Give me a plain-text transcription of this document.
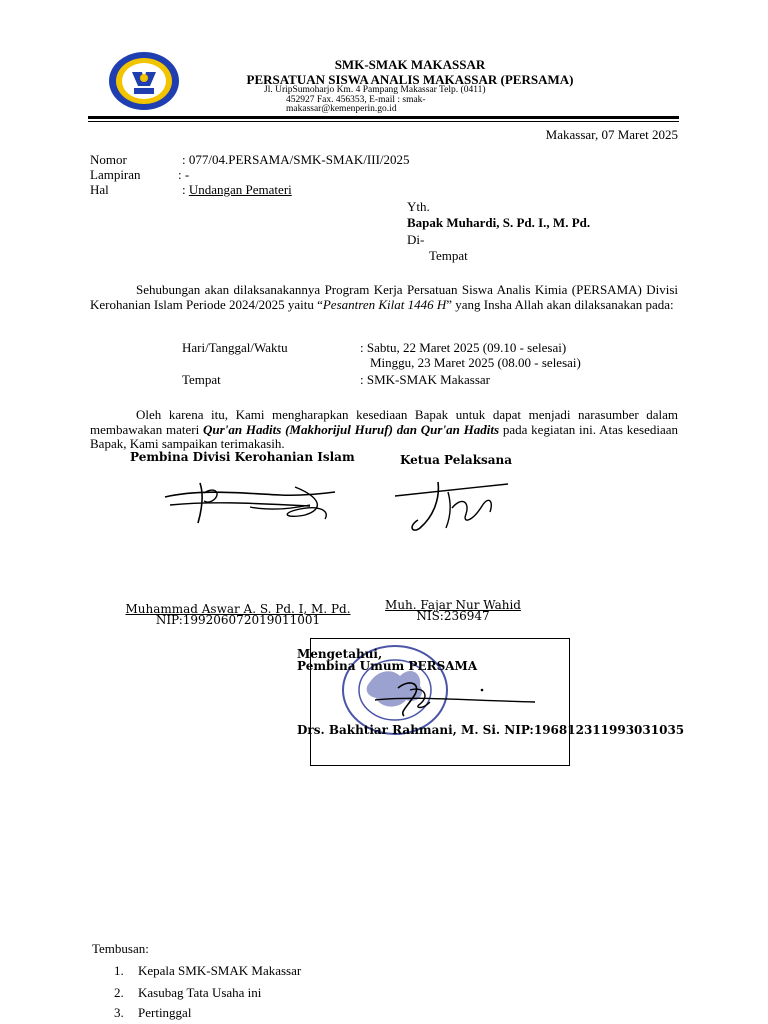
SMK-SMAK MAKASSAR
PERSATUAN SISWA ANALIS MAKASSAR (PERSAMA)
Jl. UripSumoharjo Km. 4 Pampang Makassar Telp. (0411)
452927 Fax. 456353, E-mail : smak-
makassar@kemenperin.go.id
Makassar, 07 Maret 2025
Nomor	: 077/04.PERSAMA/SMK-SMAK/III/2025
Lampiran	: -
Hal	: Undangan Pemateri
Yth.
Bapak Muhardi, S. Pd. I., M. Pd.
Di-
Tempat
Sehubungan akan dilaksanakannya Program Kerja Persatuan Siswa Analis Kimia (PERSAMA) Divisi Kerohanian Islam Periode 2024/2025 yaitu “Pesantren Kilat 1446 H” yang Insha Allah akan dilaksanakan pada:
Hari/Tanggal/Waktu	: Sabtu, 22 Maret 2025 (09.10 - selesai)
Minggu, 23 Maret 2025 (08.00 - selesai)
Tempat	: SMK-SMAK Makassar
Oleh karena itu, Kami mengharapkan kesediaan Bapak untuk dapat menjadi narasumber dalam membawakan materi Qur'an Hadits (Makhorijul Huruf) dan Qur'an Hadits pada kegiatan ini. Atas kesediaan Bapak, Kami sampaikan terimakasih.
Pembina Divisi Kerohanian Islam	Ketua Pelaksana
Muhammad Aswar A. S. Pd. I, M. Pd.
NIP:199206072019011001
Muh. Fajar Nur Wahid
NIS:236947
Mengetahui,
Pembina Umum PERSAMA
Drs. Bakhtiar Rahmani, M. Si. NIP:196812311993031035
Tembusan:
1. Kepala SMK-SMAK Makassar
2. Kasubag Tata Usaha ini
3. Pertinggal
